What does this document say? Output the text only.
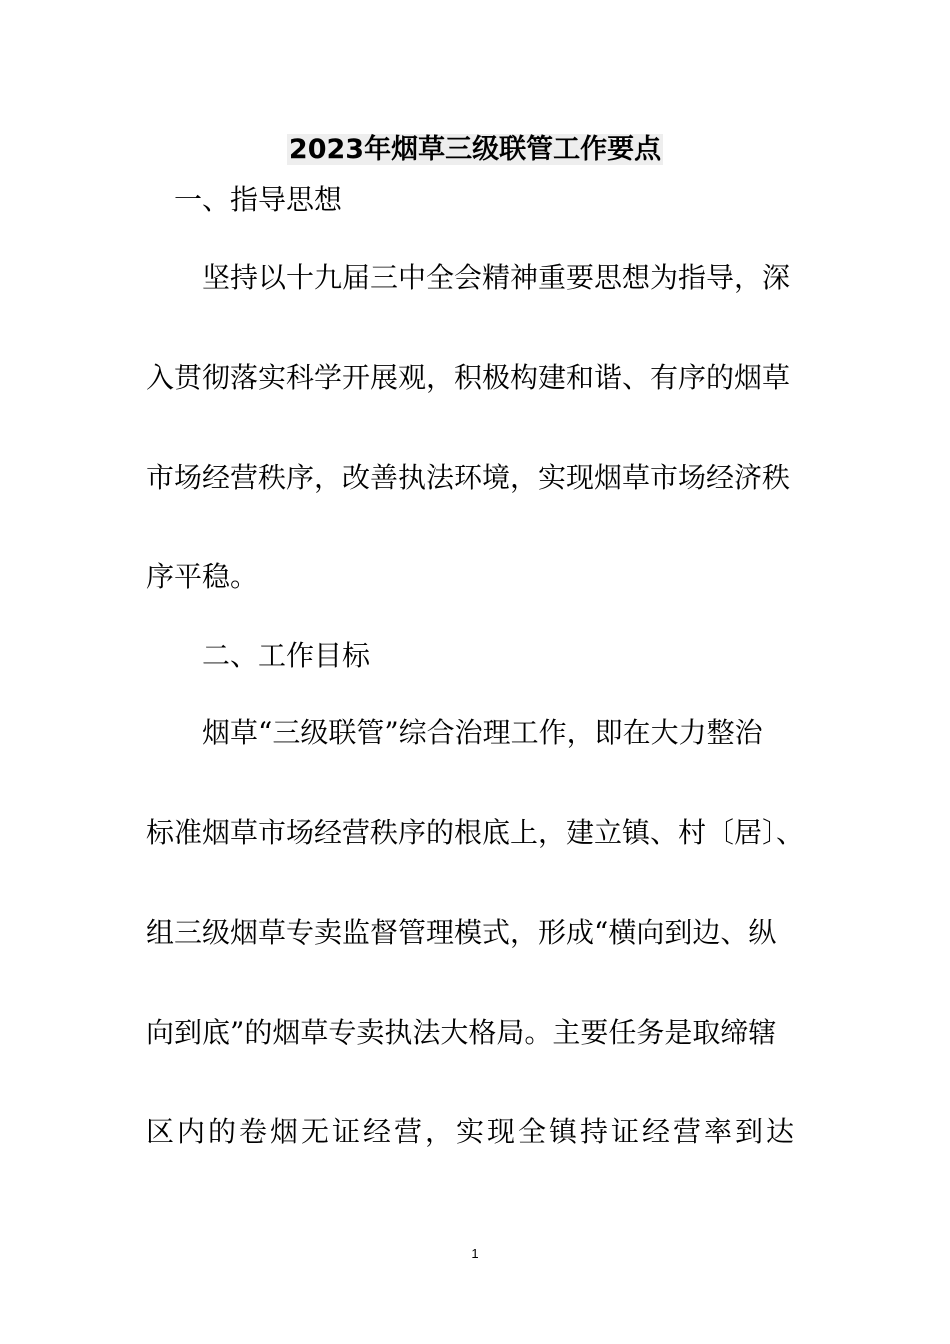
2023年烟草三级联管工作要点

一、指导思想

坚持以十九届三中全会精神重要思想为指导，深

入贯彻落实科学开展观，积极构建和谐、有序的烟草

市场经营秩序，改善执法环境，实现烟草市场经济秩

序平稳。

二、工作目标

烟草“三级联管”综合治理工作，即在大力整治

标准烟草市场经营秩序的根底上，建立镇、村〔居〕、

组三级烟草专卖监督管理模式，形成“横向到边、纵

向到底”的烟草专卖执法大格局。主要任务是取缔辖

区内的卷烟无证经营，实现全镇持证经营率到达

1
